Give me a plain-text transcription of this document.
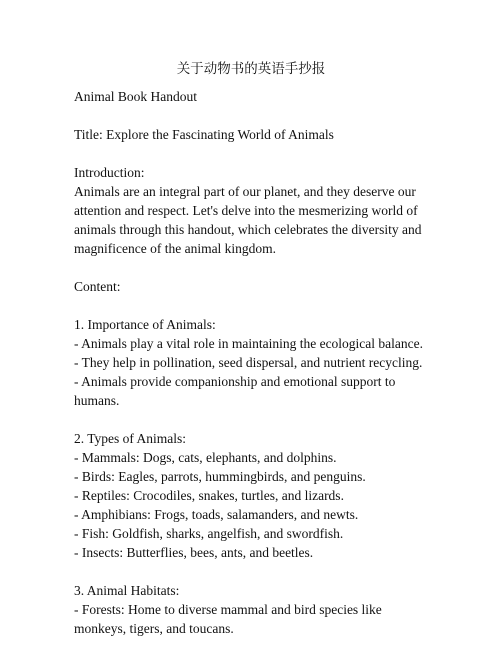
关于动物书的英语手抄报

Animal Book Handout

Title: Explore the Fascinating World of Animals

Introduction:

Animals are an integral part of our planet, and they deserve our attention and respect. Let's delve into the mesmerizing world of animals through this handout, which celebrates the diversity and magnificence of the animal kingdom.

Content:

1. Importance of Animals:

- Animals play a vital role in maintaining the ecological balance.

- They help in pollination, seed dispersal, and nutrient recycling.

- Animals provide companionship and emotional support to humans.

2. Types of Animals:

- Mammals: Dogs, cats, elephants, and dolphins.

- Birds: Eagles, parrots, hummingbirds, and penguins.

- Reptiles: Crocodiles, snakes, turtles, and lizards.

- Amphibians: Frogs, toads, salamanders, and newts.

- Fish: Goldfish, sharks, angelfish, and swordfish.

- Insects: Butterflies, bees, ants, and beetles.

3. Animal Habitats:

- Forests: Home to diverse mammal and bird species like monkeys, tigers, and toucans.
